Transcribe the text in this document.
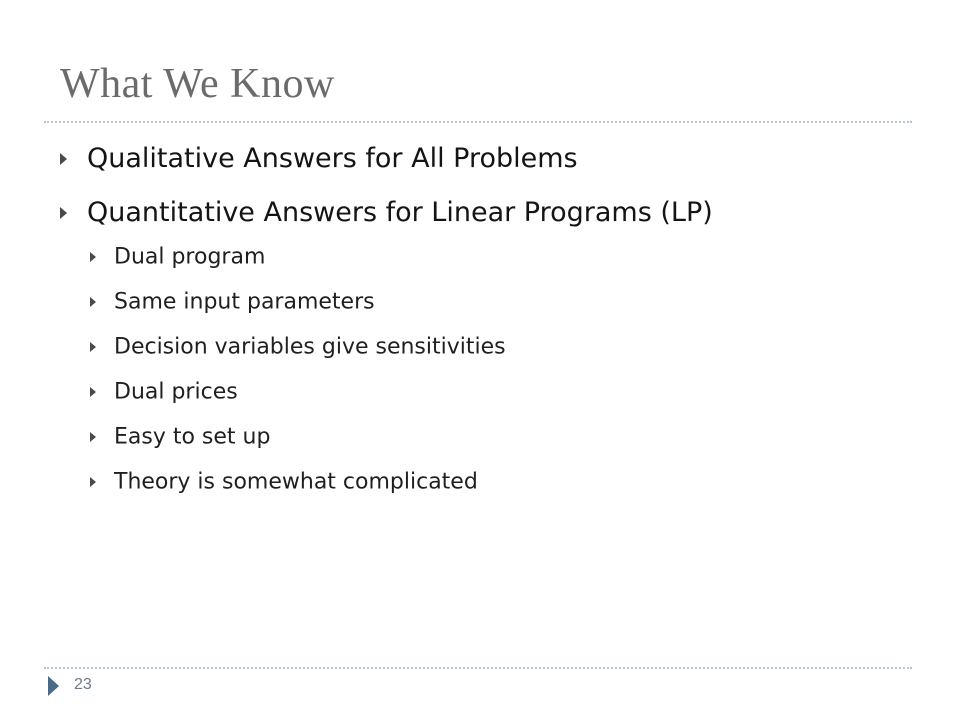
What We Know
Qualitative Answers for All Problems
Quantitative Answers for Linear Programs (LP)
Dual program
Same input parameters
Decision variables give sensitivities
Dual prices
Easy to set up
Theory is somewhat complicated
23
